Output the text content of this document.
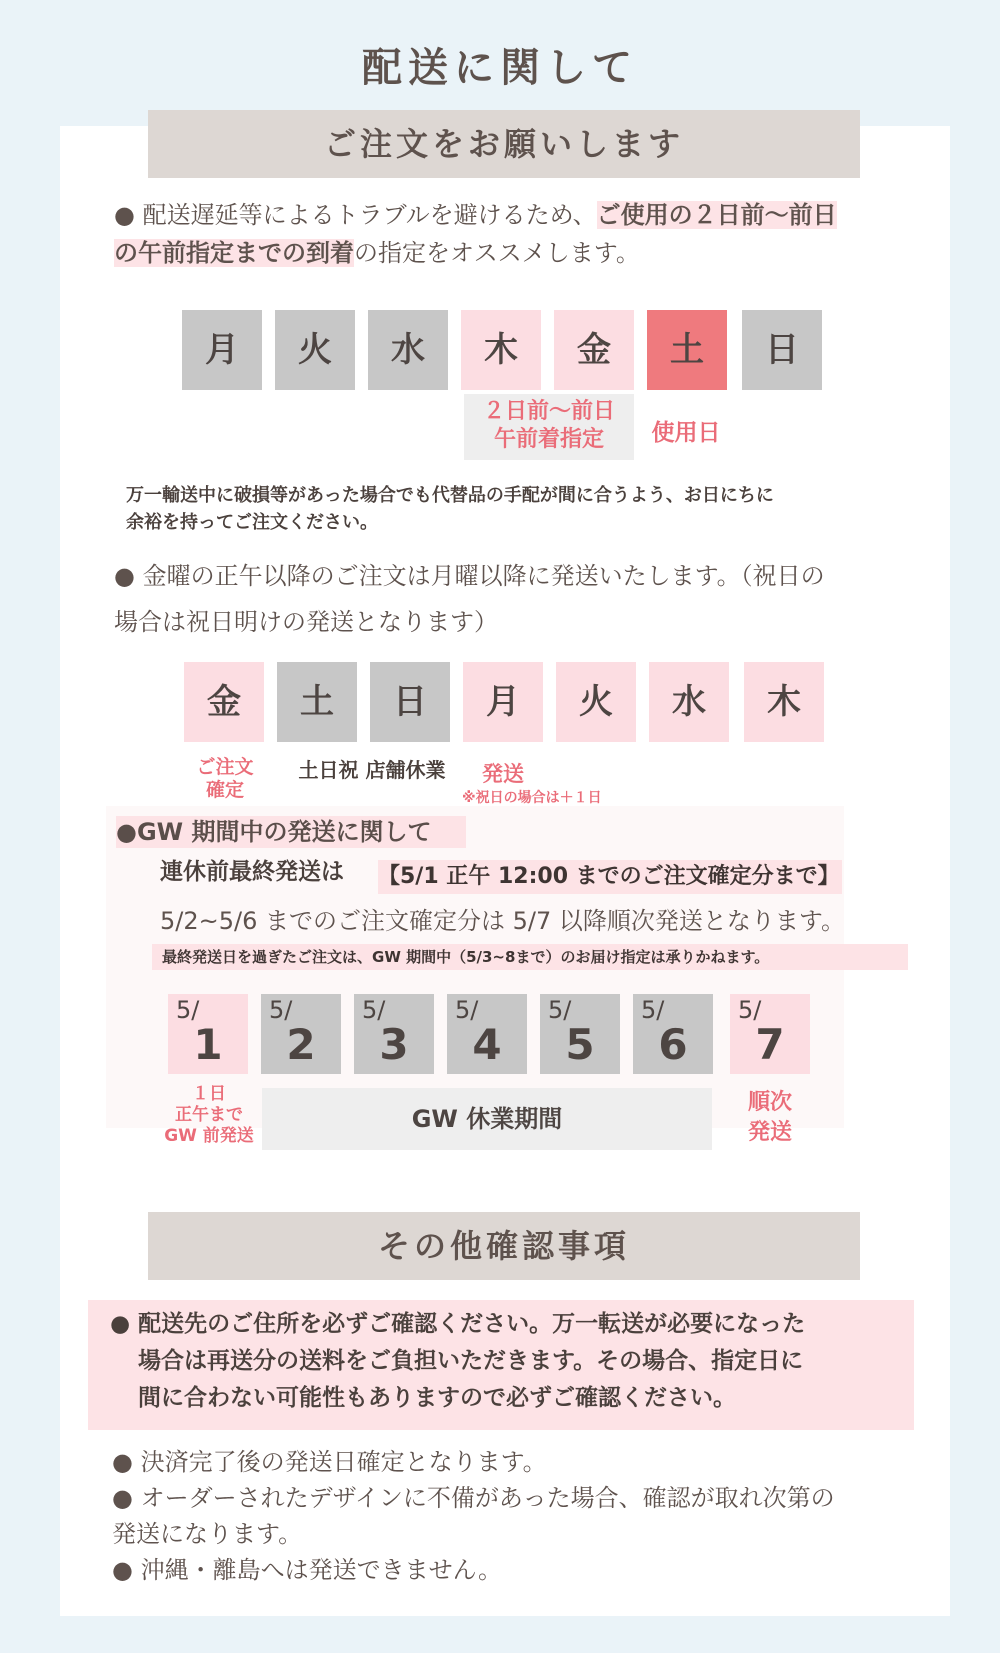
配送に関して
ご注文をお願いします
● 配送遅延等によるトラブルを避けるため、ご使用の２日前〜前日
の午前指定までの到着の指定をオススメします。
月	火	水	木	金	土	日
２日前〜前日
午前着指定	使用日
万一輸送中に破損等があった場合でも代替品の手配が間に合うよう、お日にちに
余裕を持ってご注文ください。
● 金曜の正午以降のご注文は月曜以降に発送いたします。（祝日の
場合は祝日明けの発送となります）
金	土	日	月	火	水	木
ご注文
確定
土日祝 店舗休業	発送
※祝日の場合は＋１日
●GW 期間中の発送に関して
連休前最終発送は 【5/1 正午 12:00 までのご注文確定分まで】
5/2~5/6 までのご注文確定分は 5/7 以降順次発送となります。
最終発送日を過ぎたご注文は、GW 期間中（5/3~8まで）のお届け指定は承りかねます。
5/
1
5/
2
5/
3
5/
4
5/
5
5/
6
5/
7
１日
正午まで
GW 前発送
GW 休業期間
順次
発送
その他確認事項
● 配送先のご住所を必ずご確認ください。万一転送が必要になった
場合は再送分の送料をご負担いただきます。その場合、指定日に
間に合わない可能性もありますので必ずご確認ください。
● 決済完了後の発送日確定となります。
● オーダーされたデザインに不備があった場合、確認が取れ次第の
発送になります。
● 沖縄・離島へは発送できません。
